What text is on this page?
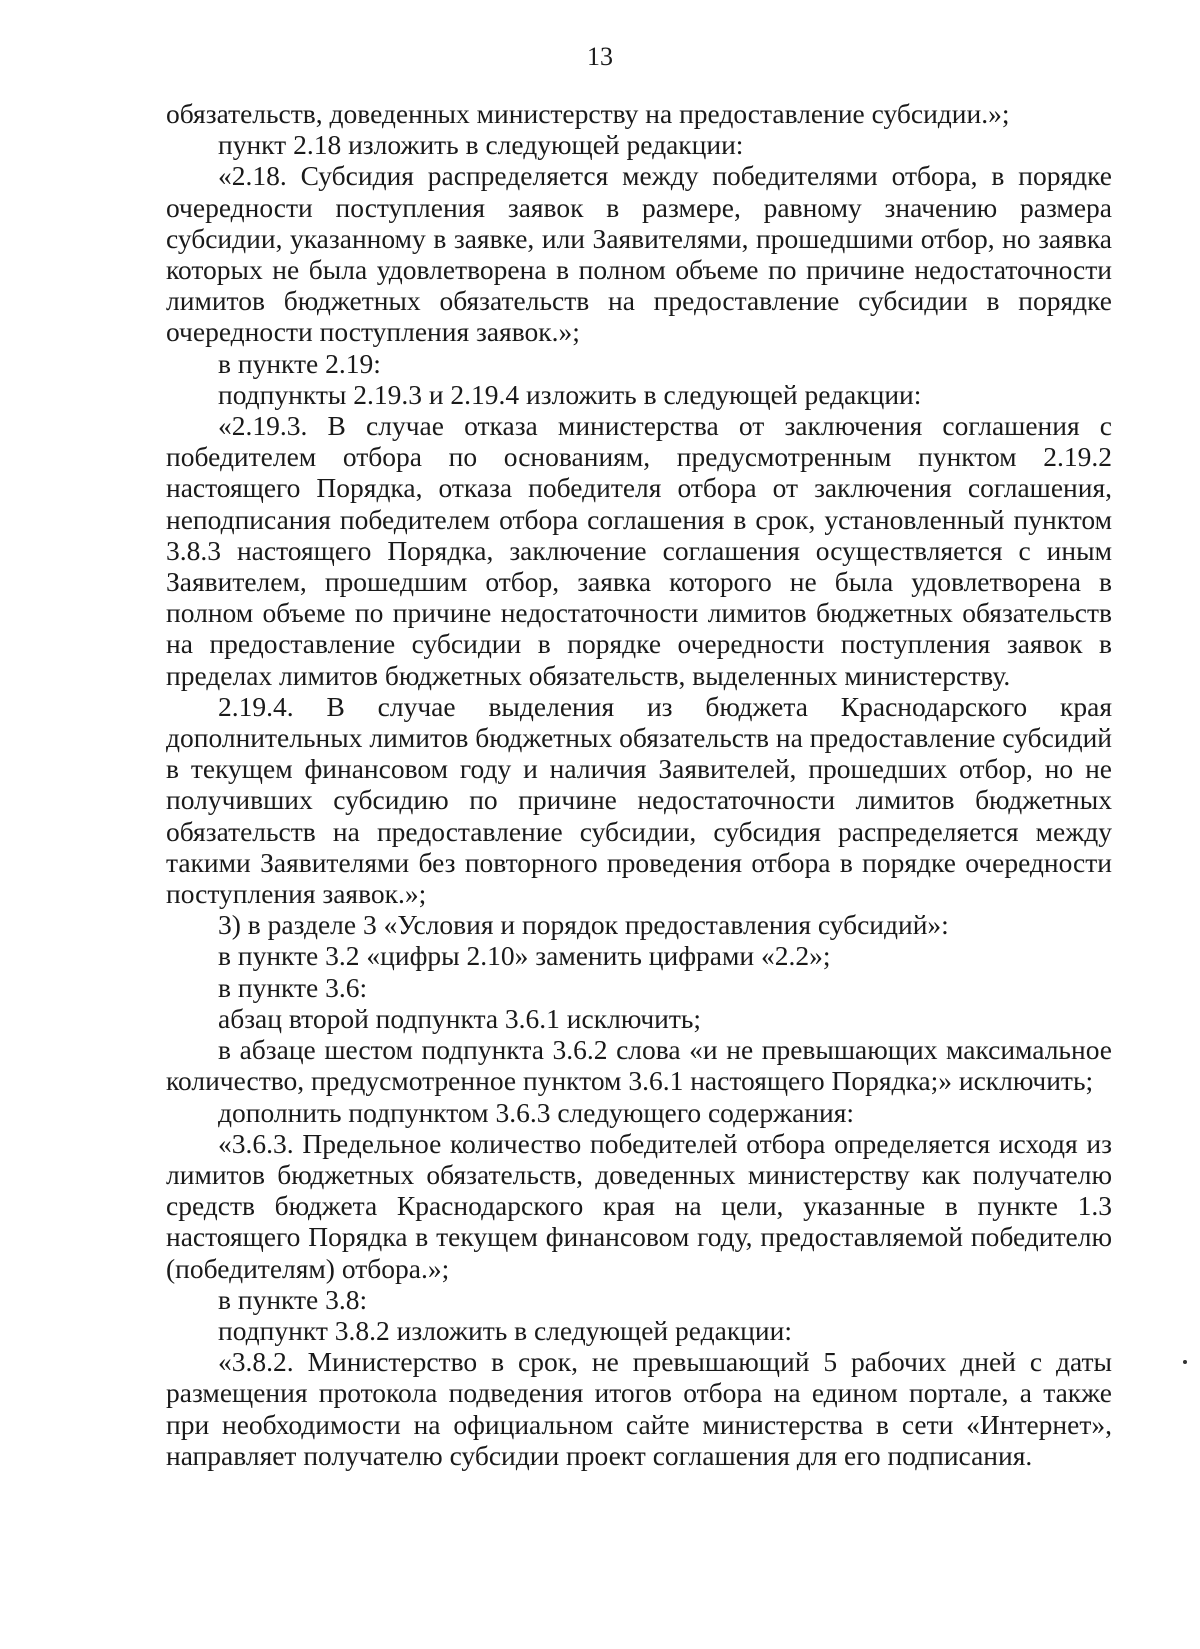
13

обязательств, доведенных министерству на предоставление субсидии.»;

пункт 2.18 изложить в следующей редакции:

«2.18. Субсидия распределяется между победителями отбора, в порядке очередности поступления заявок в размере, равному значению размера субсидии, указанному в заявке, или Заявителями, прошедшими отбор, но заявка которых не была удовлетворена в полном объеме по причине недостаточности лимитов бюджетных обязательств на предоставление субсидии в порядке очередности поступления заявок.»;

в пункте 2.19:

подпункты 2.19.3 и 2.19.4 изложить в следующей редакции:

«2.19.3. В случае отказа министерства от заключения соглашения с победителем отбора по основаниям, предусмотренным пунктом 2.19.2 настоящего Порядка, отказа победителя отбора от заключения соглашения, неподписания победителем отбора соглашения в срок, установленный пунктом 3.8.3 настоящего Порядка, заключение соглашения осуществляется с иным Заявителем, прошедшим отбор, заявка которого не была удовлетворена в полном объеме по причине недостаточности лимитов бюджетных обязательств на предоставление субсидии в порядке очередности поступления заявок в пределах лимитов бюджетных обязательств, выделенных министерству.

2.19.4. В случае выделения из бюджета Краснодарского края дополнительных лимитов бюджетных обязательств на предоставление субсидий в текущем финансовом году и наличия Заявителей, прошедших отбор, но не получивших субсидию по причине недостаточности лимитов бюджетных обязательств на предоставление субсидии, субсидия распределяется между такими Заявителями без повторного проведения отбора в порядке очередности поступления заявок.»;

3) в разделе 3 «Условия и порядок предоставления субсидий»:

в пункте 3.2 «цифры 2.10» заменить цифрами «2.2»;

в пункте 3.6:

абзац второй подпункта 3.6.1 исключить;

в абзаце шестом подпункта 3.6.2 слова «и не превышающих максимальное количество, предусмотренное пунктом 3.6.1 настоящего Порядка;» исключить;

дополнить подпунктом 3.6.3 следующего содержания:

«3.6.3. Предельное количество победителей отбора определяется исходя из лимитов бюджетных обязательств, доведенных министерству как получателю средств бюджета Краснодарского края на цели, указанные в пункте 1.3 настоящего Порядка в текущем финансовом году, предоставляемой победителю (победителям) отбора.»;

в пункте 3.8:

подпункт 3.8.2 изложить в следующей редакции:

«3.8.2. Министерство в срок, не превышающий 5 рабочих дней с даты размещения протокола подведения итогов отбора на едином портале, а также при необходимости на официальном сайте министерства в сети «Интернет», направляет получателю субсидии проект соглашения для его подписания.
